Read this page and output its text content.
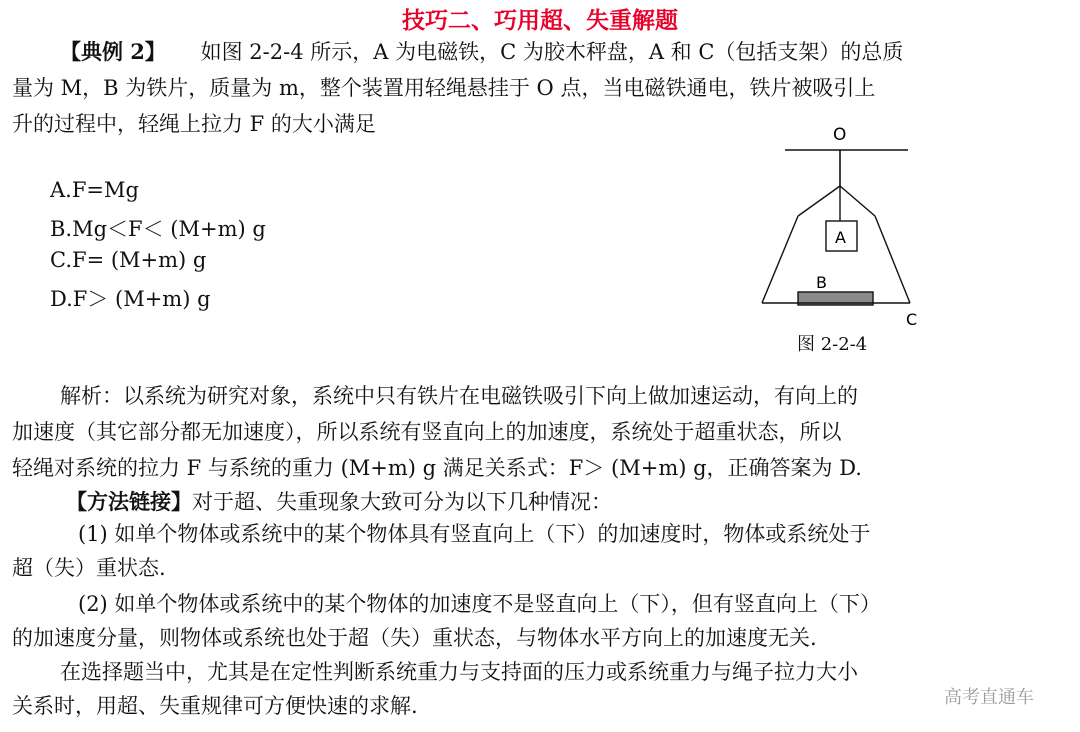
技巧二、巧用超、失重解题
【典例 2】 如图 2-2-4 所示，A 为电磁铁，C 为胶木秤盘，A 和 C（包括支架）的总质
量为 M，B 为铁片，质量为 m，整个装置用轻绳悬挂于 O 点，当电磁铁通电，铁片被吸引上
升的过程中，轻绳上拉力 F 的大小满足
A.F=Mg
B.Mg＜F＜ (M+m) g
C.F= (M+m) g
D.F＞ (M+m) g
O
A
B
C
图 2-2-4
解析：以系统为研究对象，系统中只有铁片在电磁铁吸引下向上做加速运动，有向上的
加速度（其它部分都无加速度），所以系统有竖直向上的加速度，系统处于超重状态，所以
轻绳对系统的拉力 F 与系统的重力 (M+m) g 满足关系式：F＞ (M+m) g，正确答案为 D.
【方法链接】对于超、失重现象大致可分为以下几种情况：
(1) 如单个物体或系统中的某个物体具有竖直向上（下）的加速度时，物体或系统处于
超（失）重状态.
(2) 如单个物体或系统中的某个物体的加速度不是竖直向上（下），但有竖直向上（下）
的加速度分量，则物体或系统也处于超（失）重状态，与物体水平方向上的加速度无关.
在选择题当中，尤其是在定性判断系统重力与支持面的压力或系统重力与绳子拉力大小
关系时，用超、失重规律可方便快速的求解.	高考直通车
